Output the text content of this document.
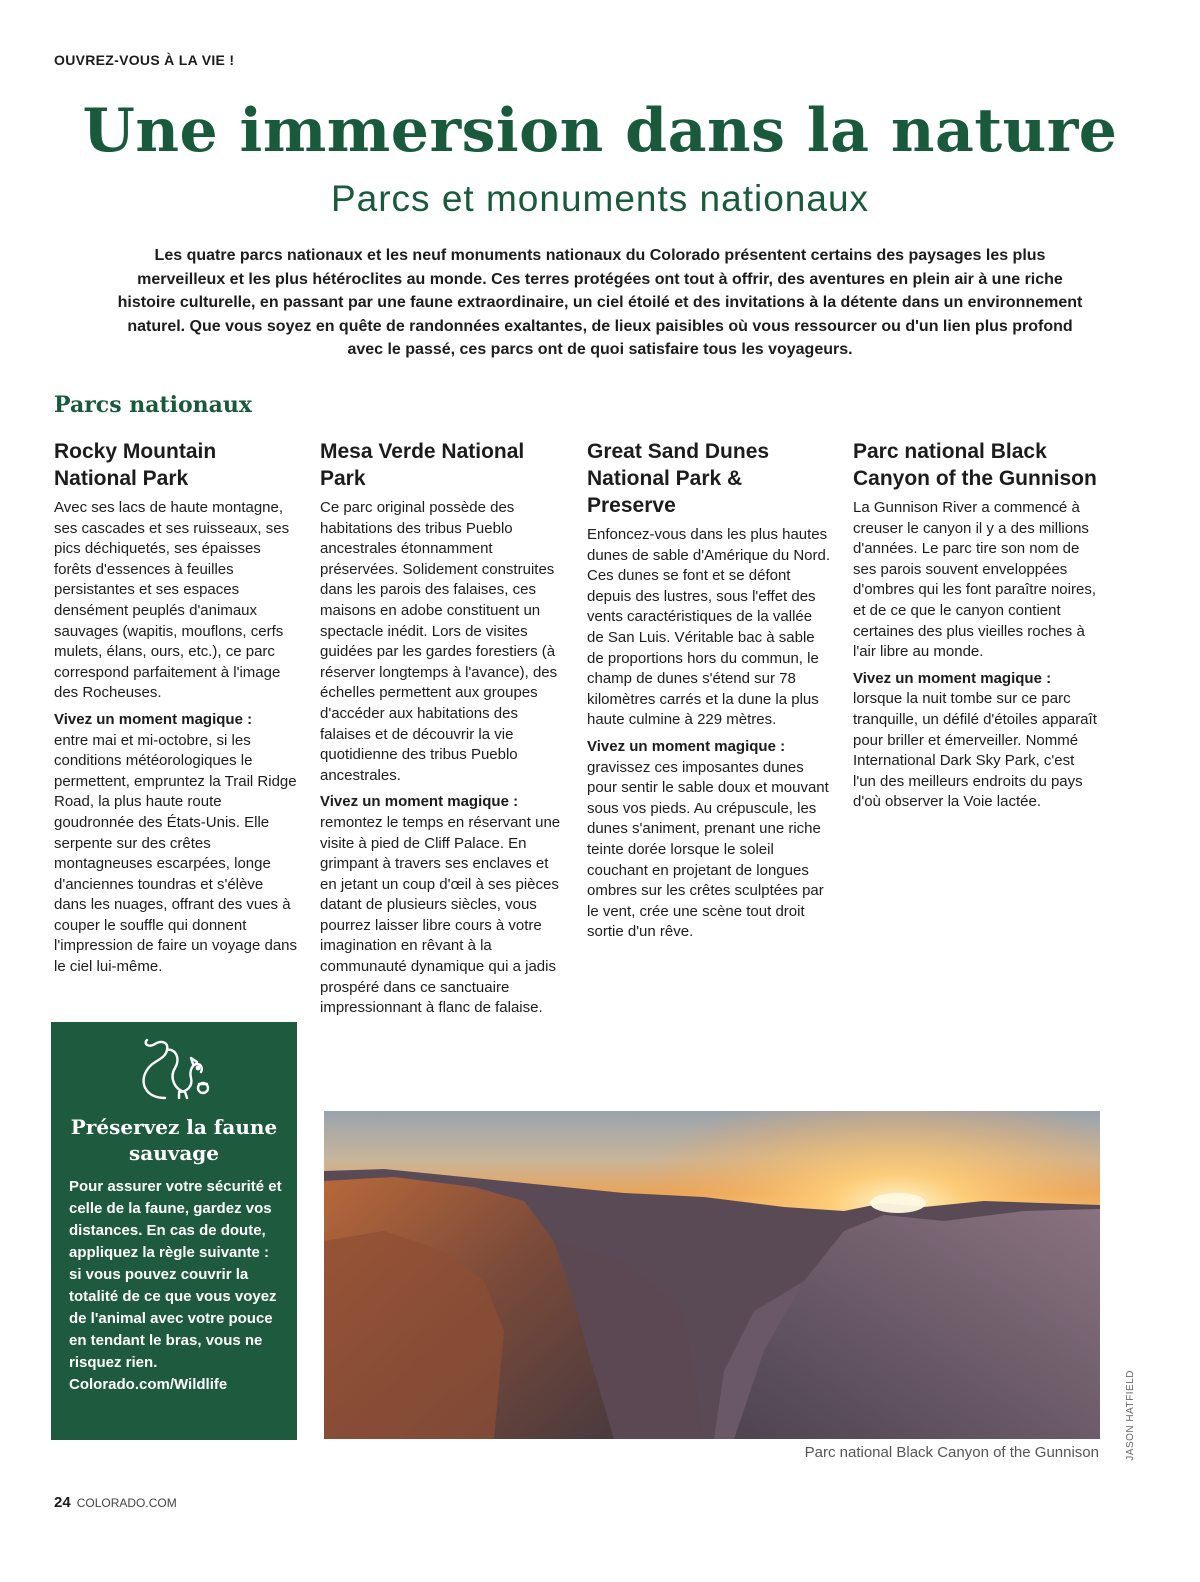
OUVREZ-VOUS À LA VIE !
Une immersion dans la nature
Parcs et monuments nationaux
Les quatre parcs nationaux et les neuf monuments nationaux du Colorado présentent certains des paysages les plus merveilleux et les plus hétéroclites au monde. Ces terres protégées ont tout à offrir, des aventures en plein air à une riche histoire culturelle, en passant par une faune extraordinaire, un ciel étoilé et des invitations à la détente dans un environnement naturel. Que vous soyez en quête de randonnées exaltantes, de lieux paisibles où vous ressourcer ou d'un lien plus profond avec le passé, ces parcs ont de quoi satisfaire tous les voyageurs.
Parcs nationaux
Rocky Mountain National Park

Avec ses lacs de haute montagne, ses cascades et ses ruisseaux, ses pics déchiquetés, ses épaisses forêts d'essences à feuilles persistantes et ses espaces densément peuplés d'animaux sauvages (wapitis, mouflons, cerfs mulets, élans, ours, etc.), ce parc correspond parfaitement à l'image des Rocheuses.

Vivez un moment magique :
entre mai et mi-octobre, si les conditions météorologiques le permettent, empruntez la Trail Ridge Road, la plus haute route goudronnée des États-Unis. Elle serpente sur des crêtes montagneuses escarpées, longe d'anciennes toundras et s'élève dans les nuages, offrant des vues à couper le souffle qui donnent l'impression de faire un voyage dans le ciel lui-même.

Mesa Verde National Park

Ce parc original possède des habitations des tribus Pueblo ancestrales étonnamment préservées. Solidement construites dans les parois des falaises, ces maisons en adobe constituent un spectacle inédit. Lors de visites guidées par les gardes forestiers (à réserver longtemps à l'avance), des échelles permettent aux groupes d'accéder aux habitations des falaises et de découvrir la vie quotidienne des tribus Pueblo ancestrales.

Vivez un moment magique :
remontez le temps en réservant une visite à pied de Cliff Palace. En grimpant à travers ses enclaves et en jetant un coup d'œil à ses pièces datant de plusieurs siècles, vous pourrez laisser libre cours à votre imagination en rêvant à la communauté dynamique qui a jadis prospéré dans ce sanctuaire impressionnant à flanc de falaise.

Great Sand Dunes National Park & Preserve

Enfoncez-vous dans les plus hautes dunes de sable d'Amérique du Nord. Ces dunes se font et se défont depuis des lustres, sous l'effet des vents caractéristiques de la vallée de San Luis. Véritable bac à sable de proportions hors du commun, le champ de dunes s'étend sur 78 kilomètres carrés et la dune la plus haute culmine à 229 mètres.

Vivez un moment magique :
gravissez ces imposantes dunes pour sentir le sable doux et mouvant sous vos pieds. Au crépuscule, les dunes s'animent, prenant une riche teinte dorée lorsque le soleil couchant en projetant de longues ombres sur les crêtes sculptées par le vent, crée une scène tout droit sortie d'un rêve.

Parc national Black Canyon of the Gunnison

La Gunnison River a commencé à creuser le canyon il y a des millions d'années. Le parc tire son nom de ses parois souvent enveloppées d'ombres qui les font paraître noires, et de ce que le canyon contient certaines des plus vieilles roches à l'air libre au monde.

Vivez un moment magique :
lorsque la nuit tombe sur ce parc tranquille, un défilé d'étoiles apparaît pour briller et émerveiller. Nommé International Dark Sky Park, c'est l'un des meilleurs endroits du pays d'où observer la Voie lactée.

Préservez la faune sauvage

Pour assurer votre sécurité et celle de la faune, gardez vos distances. En cas de doute, appliquez la règle suivante : si vous pouvez couvrir la totalité de ce que vous voyez de l'animal avec votre pouce en tendant le bras, vous ne risquez rien.
Colorado.com/Wildlife	JASON HATFIELD
Parc national Black Canyon of the Gunnison
24 COLORADO.COM
